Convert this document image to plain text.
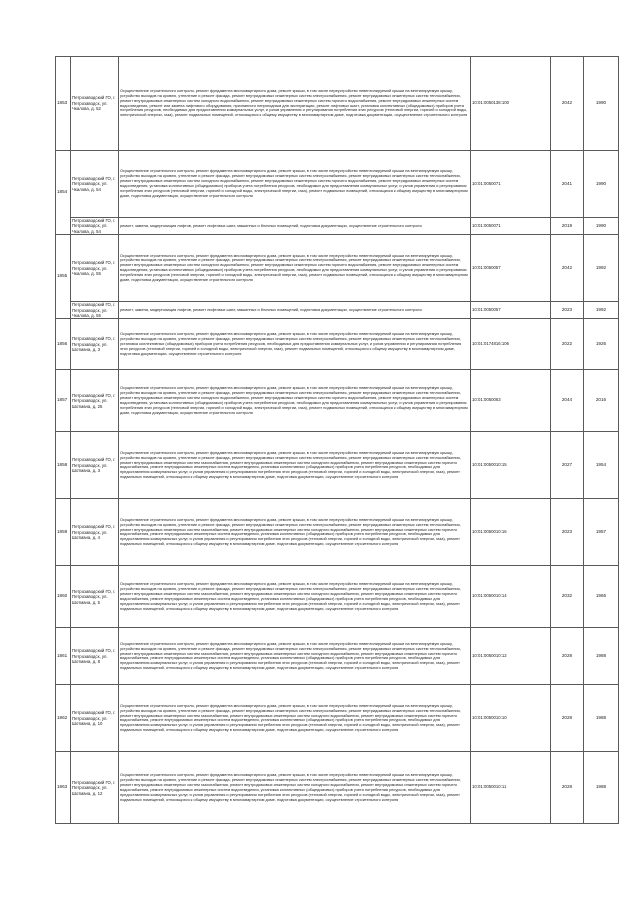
1853	Петрозаводский ГО, г. Петрозаводск, ул. Чкалова, д. 52	Осуществление строительного контроля, ремонт фундамента многоквартирного дома, ремонт крыши, в том числе переустройство невентилируемой крыши на вентилируемую крышу, устройство выходов на кровлю, утепление и ремонт фасада, ремонт внутридомовых инженерных систем электроснабжения, ремонт внутридомовых инженерных систем теплоснабжения, ремонт внутридомовых инженерных систем холодного водоснабжения, ремонт внутридомовых инженерных систем горячего водоснабжения, ремонт внутридомовых инженерных систем водоотведения, ремонт или замена лифтового оборудования, признанного непригодным для эксплуатации, ремонт лифтовых шахт, установка коллективных (общедомовых) приборов учета потребления ресурсов, необходимых для предоставления коммунальных услуг, и узлов управления и регулирования потребления этих ресурсов (тепловой энергии, горячей и холодной воды, электрической энергии, газа), ремонт подвальных помещений, относящихся к общему имуществу в многоквартирном доме, подготовка документации, осуществление строительного контроля	10:01:0050138:100	2042	1990
1854	Петрозаводский ГО, г. Петрозаводск, ул. Чкалова, д. 54	Осуществление строительного контроля, ремонт фундамента многоквартирного дома, ремонт крыши, в том числе переустройство невентилируемой крыши на вентилируемую крышу, устройство выходов на кровлю, утепление и ремонт фасада, ремонт внутридомовых инженерных систем электроснабжения, ремонт внутридомовых инженерных систем теплоснабжения, ремонт внутридомовых инженерных систем холодного водоснабжения, ремонт внутридомовых инженерных систем горячего водоснабжения, ремонт внутридомовых инженерных систем водоотведения, установка коллективных (общедомовых) приборов учета потребления ресурсов, необходимых для предоставления коммунальных услуг, и узлов управления и регулирования потребления этих ресурсов (тепловой энергии, горячей и холодной воды, электрической энергии, газа), ремонт подвальных помещений, относящихся к общему имуществу в многоквартирном доме, подготовка документации, осуществление строительного контроля	10:01:0050071	2041	1990
	Петрозаводский ГО, г. Петрозаводск, ул. Чкалова, д. 54	ремонт, замена, модернизация лифтов, ремонт лифтовых шахт, машинных и блочных помещений, подготовка документации, осуществление строительного контроля	10:01:0050071	2019	1990
1855	Петрозаводский ГО, г. Петрозаводск, ул. Чкалова, д. 55	Осуществление строительного контроля, ремонт фундамента многоквартирного дома, ремонт крыши, в том числе переустройство невентилируемой крыши на вентилируемую крышу, устройство выходов на кровлю, утепление и ремонт фасада, ремонт внутридомовых инженерных систем электроснабжения, ремонт внутридомовых инженерных систем теплоснабжения, ремонт внутридомовых инженерных систем холодного водоснабжения, ремонт внутридомовых инженерных систем горячего водоснабжения, ремонт внутридомовых инженерных систем водоотведения, установка коллективных (общедомовых) приборов учета потребления ресурсов, необходимых для предоставления коммунальных услуг, и узлов управления и регулирования потребления этих ресурсов (тепловой энергии, горячей и холодной воды, электрической энергии, газа), ремонт подвальных помещений, относящихся к общему имуществу в многоквартирном доме, подготовка документации, осуществление строительного контроля	10:01:0050057	2042	1992
	Петрозаводский ГО, г. Петрозаводск, ул. Чкалова, д. 55	ремонт, замена, модернизация лифтов, ремонт лифтовых шахт, машинных и блочных помещений, подготовка документации, осуществление строительного контроля	10:01:0050057	2023	1992
1856	Петрозаводский ГО, г. Петрозаводск, ул. Шотмана, д. 3	Осуществление строительного контроля, ремонт фундамента многоквартирного дома, ремонт крыши, в том числе переустройство невентилируемой крыши на вентилируемую крышу, устройство выходов на кровлю, утепление и ремонт фасада, ремонт внутридомовых инженерных систем электроснабжения, ремонт внутридомовых инженерных систем теплоснабжения, установка коллективных (общедомовых) приборов учета потребления ресурсов, необходимых для предоставления коммунальных услуг, и узлов управления и регулирования потребления этих ресурсов (тепловой энергии, горячей и холодной воды, электрической энергии, газа), ремонт подвальных помещений, относящихся к общему имуществу в многоквартирном доме, подготовка документации, осуществление строительного контроля	10:01:0174816:106	2022	1926
1857	Петрозаводский ГО, г. Петрозаводск, ул. Шотмана, д. 25	Осуществление строительного контроля, ремонт фундамента многоквартирного дома, ремонт крыши, в том числе переустройство невентилируемой крыши на вентилируемую крышу, устройство выходов на кровлю, утепление и ремонт фасада, ремонт внутридомовых инженерных систем электроснабжения, ремонт внутридомовых инженерных систем теплоснабжения, ремонт внутридомовых инженерных систем холодного водоснабжения, ремонт внутридомовых инженерных систем горячего водоснабжения, ремонт внутридомовых инженерных систем водоотведения, установка коллективных (общедомовых) приборов учета потребления ресурсов, необходимых для предоставления коммунальных услуг, и узлов управления и регулирования потребления этих ресурсов (тепловой энергии, горячей и холодной воды, электрической энергии, газа), ремонт подвальных помещений, относящихся к общему имуществу в многоквартирном доме, подготовка документации, осуществление строительного контроля	10:01:0050063	2044	2016
1858	Петрозаводский ГО, г. Петрозаводск, ул. Шотмана, д. 3	Осуществление строительного контроля, ремонт фундамента многоквартирного дома, ремонт крыши, в том числе переустройство невентилируемой крыши на вентилируемую крышу, устройство выходов на кровлю, утепление и ремонт фасада, ремонт внутридомовых инженерных систем электроснабжения, ремонт внутридомовых инженерных систем теплоснабжения, ремонт внутридомовых инженерных систем газоснабжения, ремонт внутридомовых инженерных систем холодного водоснабжения, ремонт внутридомовых инженерных систем горячего водоснабжения, ремонт внутридомовых инженерных систем водоотведения, установка коллективных (общедомовых) приборов учета потребления ресурсов, необходимых для предоставления коммунальных услуг, и узлов управления и регулирования потребления этих ресурсов (тепловой энергии, горячей и холодной воды, электрической энергии, газа), ремонт подвальных помещений, относящихся к общему имуществу в многоквартирном доме, подготовка документации, осуществление строительного контроля	10:01:0050010:15	2027	1954
1859	Петрозаводский ГО, г. Петрозаводск, ул. Шотмана, д. 4	Осуществление строительного контроля, ремонт фундамента многоквартирного дома, ремонт крыши, в том числе переустройство невентилируемой крыши на вентилируемую крышу, устройство выходов на кровлю, утепление и ремонт фасада, ремонт внутридомовых инженерных систем электроснабжения, ремонт внутридомовых инженерных систем теплоснабжения, ремонт внутридомовых инженерных систем газоснабжения, ремонт внутридомовых инженерных систем холодного водоснабжения, ремонт внутридомовых инженерных систем горячего водоснабжения, ремонт внутридомовых инженерных систем водоотведения, установка коллективных (общедомовых) приборов учета потребления ресурсов, необходимых для предоставления коммунальных услуг, и узлов управления и регулирования потребления этих ресурсов (тепловой энергии, горячей и холодной воды, электрической энергии, газа), ремонт подвальных помещений, относящихся к общему имуществу в многоквартирном доме, подготовка документации, осуществление строительного контроля	10:01:0050010:16	2023	1957
1860	Петрозаводский ГО, г. Петрозаводск, ул. Шотмана, д. 5	Осуществление строительного контроля, ремонт фундамента многоквартирного дома, ремонт крыши, в том числе переустройство невентилируемой крыши на вентилируемую крышу, устройство выходов на кровлю, утепление и ремонт фасада, ремонт внутридомовых инженерных систем электроснабжения, ремонт внутридомовых инженерных систем теплоснабжения, ремонт внутридомовых инженерных систем газоснабжения, ремонт внутридомовых инженерных систем холодного водоснабжения, ремонт внутридомовых инженерных систем горячего водоснабжения, ремонт внутридомовых инженерных систем водоотведения, установка коллективных (общедомовых) приборов учета потребления ресурсов, необходимых для предоставления коммунальных услуг, и узлов управления и регулирования потребления этих ресурсов (тепловой энергии, горячей и холодной воды, электрической энергии, газа), ремонт подвальных помещений, относящихся к общему имуществу в многоквартирном доме, подготовка документации, осуществление строительного контроля	10:01:0050010:14	2032	1965
1861	Петрозаводский ГО, г. Петрозаводск, ул. Шотмана, д. 8	Осуществление строительного контроля, ремонт фундамента многоквартирного дома, ремонт крыши, в том числе переустройство невентилируемой крыши на вентилируемую крышу, устройство выходов на кровлю, утепление и ремонт фасада, ремонт внутридомовых инженерных систем электроснабжения, ремонт внутридомовых инженерных систем теплоснабжения, ремонт внутридомовых инженерных систем газоснабжения, ремонт внутридомовых инженерных систем холодного водоснабжения, ремонт внутридомовых инженерных систем горячего водоснабжения, ремонт внутридомовых инженерных систем водоотведения, установка коллективных (общедомовых) приборов учета потребления ресурсов, необходимых для предоставления коммунальных услуг, и узлов управления и регулирования потребления этих ресурсов (тепловой энергии, горячей и холодной воды, электрической энергии, газа), ремонт подвальных помещений, относящихся к общему имуществу в многоквартирном доме, подготовка документации, осуществление строительного контроля	10:01:0050010:12	2028	1988
1862	Петрозаводский ГО, г. Петрозаводск, ул. Шотмана, д. 10	Осуществление строительного контроля, ремонт фундамента многоквартирного дома, ремонт крыши, в том числе переустройство невентилируемой крыши на вентилируемую крышу, устройство выходов на кровлю, утепление и ремонт фасада, ремонт внутридомовых инженерных систем электроснабжения, ремонт внутридомовых инженерных систем теплоснабжения, ремонт внутридомовых инженерных систем газоснабжения, ремонт внутридомовых инженерных систем холодного водоснабжения, ремонт внутридомовых инженерных систем горячего водоснабжения, ремонт внутридомовых инженерных систем водоотведения, установка коллективных (общедомовых) приборов учета потребления ресурсов, необходимых для предоставления коммунальных услуг, и узлов управления и регулирования потребления этих ресурсов (тепловой энергии, горячей и холодной воды, электрической энергии, газа), ремонт подвальных помещений, относящихся к общему имуществу в многоквартирном доме, подготовка документации, осуществление строительного контроля	10:01:0050010:10	2028	1988
1863	Петрозаводский ГО, г. Петрозаводск, ул. Шотмана, д. 12	Осуществление строительного контроля, ремонт фундамента многоквартирного дома, ремонт крыши, в том числе переустройство невентилируемой крыши на вентилируемую крышу, устройство выходов на кровлю, утепление и ремонт фасада, ремонт внутридомовых инженерных систем электроснабжения, ремонт внутридомовых инженерных систем теплоснабжения, ремонт внутридомовых инженерных систем газоснабжения, ремонт внутридомовых инженерных систем холодного водоснабжения, ремонт внутридомовых инженерных систем горячего водоснабжения, ремонт внутридомовых инженерных систем водоотведения, установка коллективных (общедомовых) приборов учета потребления ресурсов, необходимых для предоставления коммунальных услуг, и узлов управления и регулирования потребления этих ресурсов (тепловой энергии, горячей и холодной воды, электрической энергии, газа), ремонт подвальных помещений, относящихся к общему имуществу в многоквартирном доме, подготовка документации, осуществление строительного контроля	10:01:0050010:11	2028	1988
